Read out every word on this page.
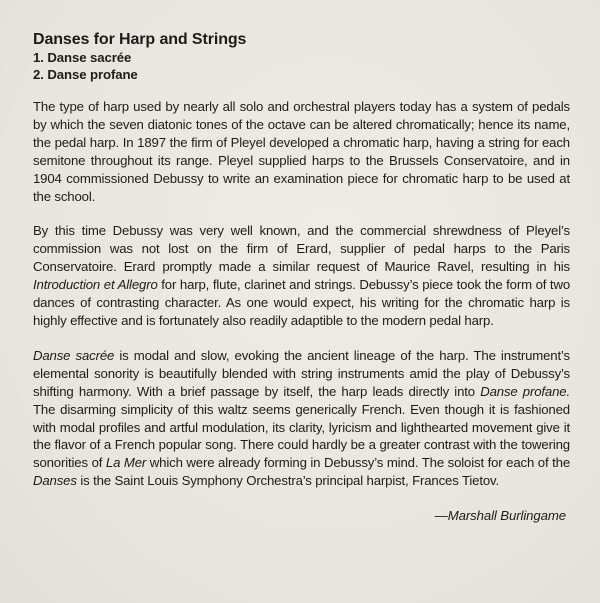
Danses for Harp and Strings
1. Danse sacrée
2. Danse profane

The type of harp used by nearly all solo and orchestral players today has a system of pedals by which the seven diatonic tones of the octave can be altered chromatically; hence its name, the pedal harp. In 1897 the firm of Pleyel developed a chromatic harp, having a string for each semitone throughout its range. Pleyel supplied harps to the Brussels Conservatoire, and in 1904 commissioned Debussy to write an examination piece for chromatic harp to be used at the school.

By this time Debussy was very well known, and the commercial shrewdness of Pleyel’s commission was not lost on the firm of Erard, supplier of pedal harps to the Paris Conservatoire. Erard promptly made a similar request of Maurice Ravel, resulting in his Introduction et Allegro for harp, flute, clarinet and strings. Debussy’s piece took the form of two dances of contrasting character. As one would expect, his writing for the chromatic harp is highly effective and is fortunately also readily adaptible to the modern pedal harp.

Danse sacrée is modal and slow, evoking the ancient lineage of the harp. The instrument’s elemental sonority is beautifully blended with string instruments amid the play of Debussy’s shifting harmony. With a brief passage by itself, the harp leads directly into Danse profane. The disarming simplicity of this waltz seems generically French. Even though it is fashioned with modal profiles and artful modulation, its clarity, lyricism and lighthearted movement give it the flavor of a French popular song. There could hardly be a greater contrast with the towering sonorities of La Mer which were already forming in Debussy’s mind. The soloist for each of the Danses is the Saint Louis Symphony Orchestra’s principal harpist, Frances Tietov.

—Marshall Burlingame
